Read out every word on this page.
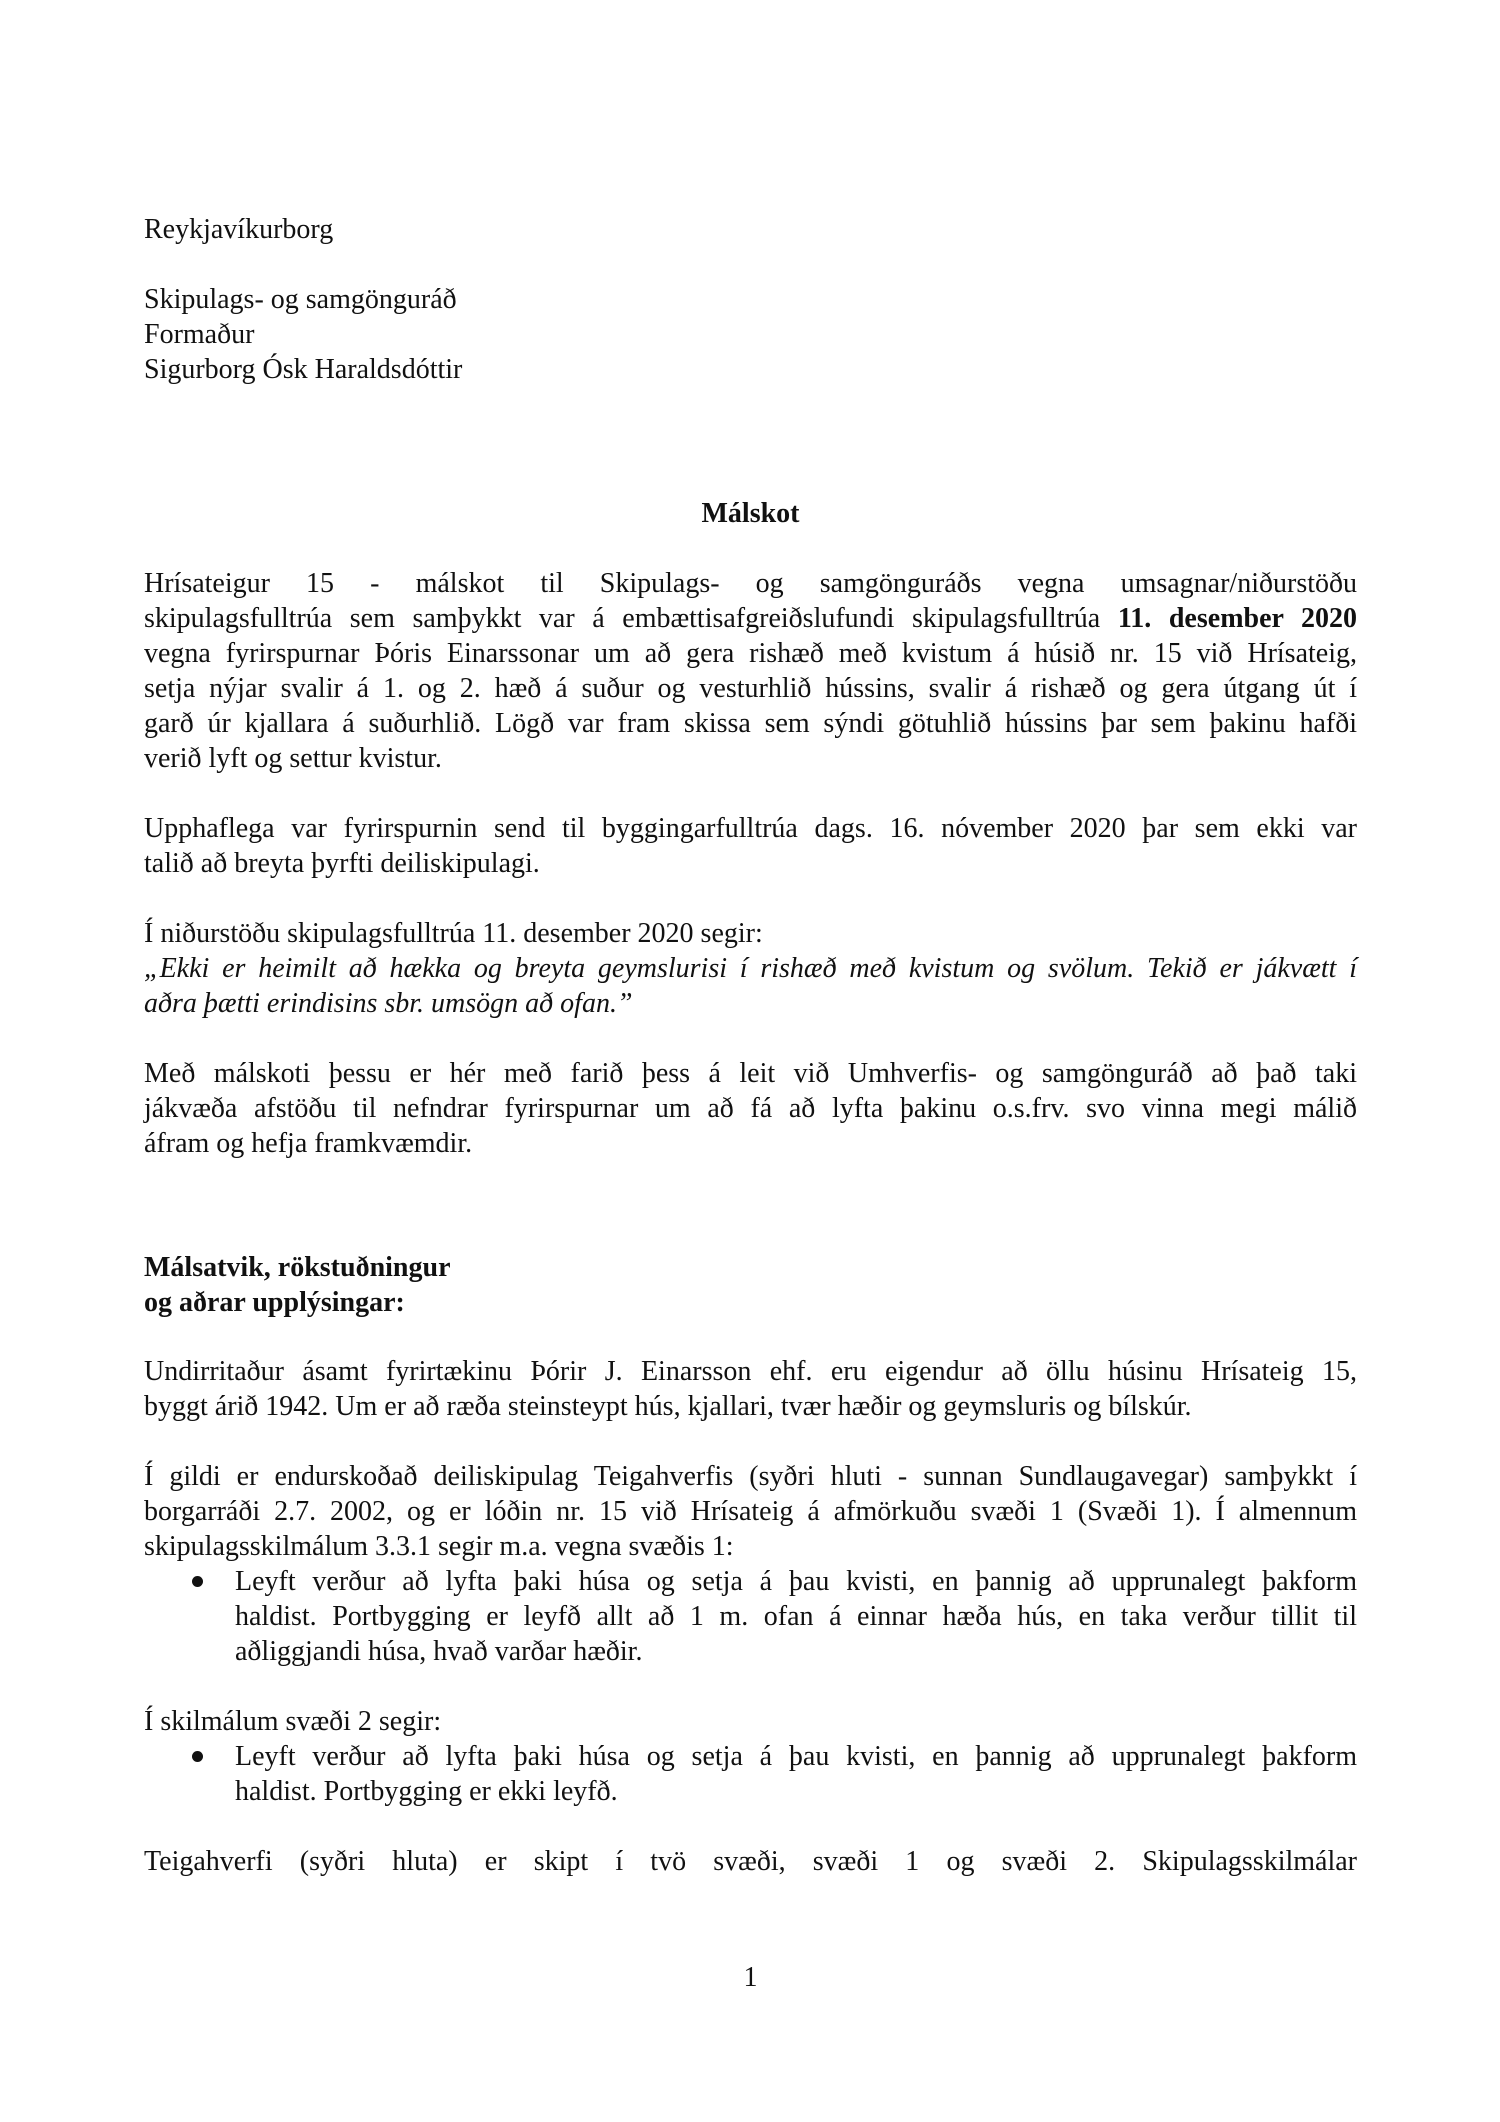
Reykjavíkurborg
Skipulags- og samgönguráð
Formaður
Sigurborg Ósk Haraldsdóttir
Málskot
Hrísateigur 15 - málskot til Skipulags- og samgönguráðs vegna umsagnar/niðurstöðu
skipulagsfulltrúa sem samþykkt var á embættisafgreiðslufundi skipulagsfulltrúa 11. desember 2020
vegna fyrirspurnar Þóris Einarssonar um að gera rishæð með kvistum á húsið nr. 15 við Hrísateig,
setja nýjar svalir á 1. og 2. hæð á suður og vesturhlið hússins, svalir á rishæð og gera útgang út í
garð úr kjallara á suðurhlið. Lögð var fram skissa sem sýndi götuhlið hússins þar sem þakinu hafði
verið lyft og settur kvistur.
Upphaflega var fyrirspurnin send til byggingarfulltrúa dags. 16. nóvember 2020 þar sem ekki var
talið að breyta þyrfti deiliskipulagi.
Í niðurstöðu skipulagsfulltrúa 11. desember 2020 segir:
„Ekki er heimilt að hækka og breyta geymslurisi í rishæð með kvistum og svölum. Tekið er jákvætt í
aðra þætti erindisins sbr. umsögn að ofan.”
Með málskoti þessu er hér með farið þess á leit við Umhverfis- og samgönguráð að það taki
jákvæða afstöðu til nefndrar fyrirspurnar um að fá að lyfta þakinu o.s.frv. svo vinna megi málið
áfram og hefja framkvæmdir.
Málsatvik, rökstuðningur
og aðrar upplýsingar:
Undirritaður ásamt fyrirtækinu Þórir J. Einarsson ehf. eru eigendur að öllu húsinu Hrísateig 15,
byggt árið 1942. Um er að ræða steinsteypt hús, kjallari, tvær hæðir og geymsluris og bílskúr.
Í gildi er endurskoðað deiliskipulag Teigahverfis (syðri hluti - sunnan Sundlaugavegar) samþykkt í
borgarráði 2.7. 2002, og er lóðin nr. 15 við Hrísateig á afmörkuðu svæði 1 (Svæði 1). Í almennum
skipulagsskilmálum 3.3.1 segir m.a. vegna svæðis 1:
Leyft verður að lyfta þaki húsa og setja á þau kvisti, en þannig að upprunalegt þakform
haldist. Portbygging er leyfð allt að 1 m. ofan á einnar hæða hús, en taka verður tillit til
aðliggjandi húsa, hvað varðar hæðir.
Í skilmálum svæði 2 segir:
Leyft verður að lyfta þaki húsa og setja á þau kvisti, en þannig að upprunalegt þakform
haldist. Portbygging er ekki leyfð.
Teigahverfi (syðri hluta) er skipt í tvö svæði, svæði 1 og svæði 2. Skipulagsskilmálar
1
